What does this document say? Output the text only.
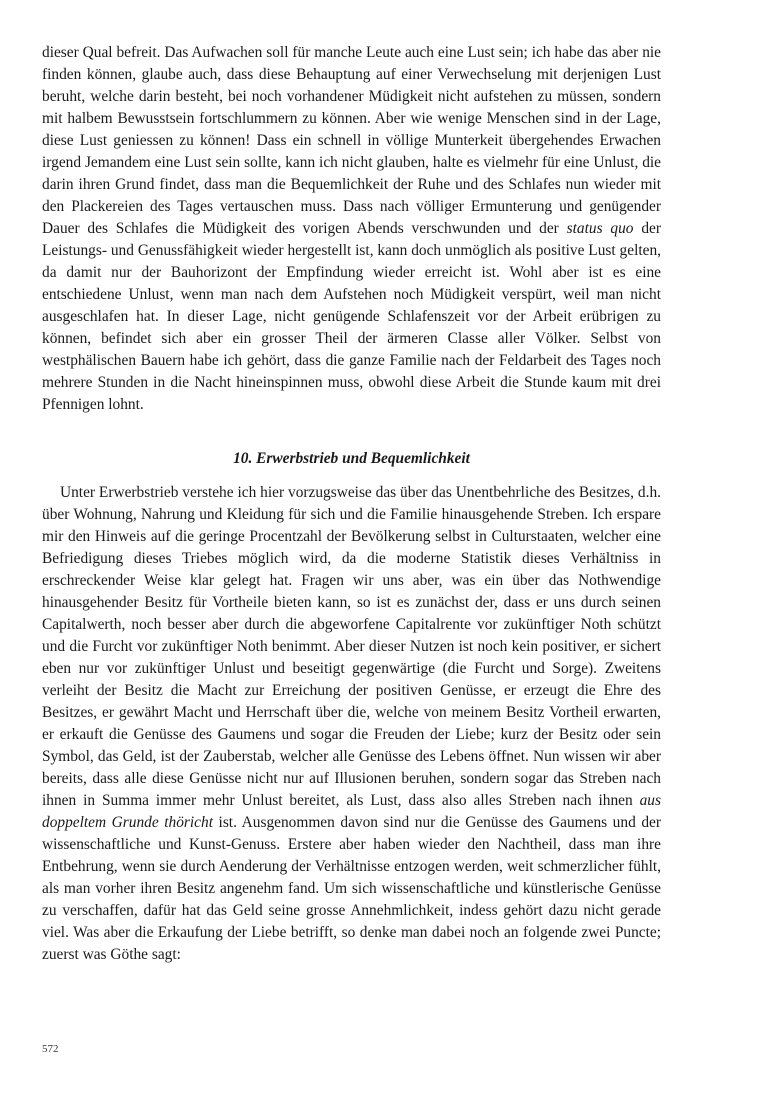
dieser Qual befreit. Das Aufwachen soll für manche Leute auch eine Lust sein; ich habe das aber nie finden können, glaube auch, dass diese Behauptung auf einer Verwechselung mit derjenigen Lust beruht, welche darin besteht, bei noch vorhandener Müdigkeit nicht aufstehen zu müssen, sondern mit halbem Bewusstsein fortschlummern zu können. Aber wie wenige Menschen sind in der Lage, diese Lust geniessen zu können! Dass ein schnell in völlige Munterkeit übergehendes Erwachen irgend Jemandem eine Lust sein sollte, kann ich nicht glauben, halte es vielmehr für eine Unlust, die darin ihren Grund findet, dass man die Bequemlichkeit der Ruhe und des Schlafes nun wieder mit den Plackereien des Tages vertauschen muss. Dass nach völliger Ermunterung und genügender Dauer des Schlafes die Müdigkeit des vorigen Abends verschwunden und der status quo der Leistungs- und Genussfähigkeit wieder hergestellt ist, kann doch unmöglich als positive Lust gelten, da damit nur der Bauhorizont der Empfindung wieder erreicht ist. Wohl aber ist es eine entschiedene Unlust, wenn man nach dem Aufstehen noch Müdigkeit verspürt, weil man nicht ausgeschlafen hat. In dieser Lage, nicht genügende Schlafenszeit vor der Arbeit erübrigen zu können, befindet sich aber ein grosser Theil der ärmeren Classe aller Völker. Selbst von westphälischen Bauern habe ich gehört, dass die ganze Familie nach der Feldarbeit des Tages noch mehrere Stunden in die Nacht hineinspinnen muss, obwohl diese Arbeit die Stunde kaum mit drei Pfennigen lohnt.

10. Erwerbstrieb und Bequemlichkeit

Unter Erwerbstrieb verstehe ich hier vorzugsweise das über das Unentbehrliche des Besitzes, d.h. über Wohnung, Nahrung und Kleidung für sich und die Familie hinausgehende Streben. Ich erspare mir den Hinweis auf die geringe Procentzahl der Bevölkerung selbst in Culturstaaten, welcher eine Befriedigung dieses Triebes möglich wird, da die moderne Statistik dieses Verhältniss in erschreckender Weise klar gelegt hat. Fragen wir uns aber, was ein über das Nothwendige hinausgehender Besitz für Vortheile bieten kann, so ist es zunächst der, dass er uns durch seinen Capitalwerth, noch besser aber durch die abgeworfene Capitalrente vor zukünftiger Noth schützt und die Furcht vor zukünftiger Noth benimmt. Aber dieser Nutzen ist noch kein positiver, er sichert eben nur vor zukünftiger Unlust und beseitigt gegenwärtige (die Furcht und Sorge). Zweitens verleiht der Besitz die Macht zur Erreichung der positiven Genüsse, er erzeugt die Ehre des Besitzes, er gewährt Macht und Herrschaft über die, welche von meinem Besitz Vortheil erwarten, er erkauft die Genüsse des Gaumens und sogar die Freuden der Liebe; kurz der Besitz oder sein Symbol, das Geld, ist der Zauberstab, welcher alle Genüsse des Lebens öffnet. Nun wissen wir aber bereits, dass alle diese Genüsse nicht nur auf Illusionen beruhen, sondern sogar das Streben nach ihnen in Summa immer mehr Unlust bereitet, als Lust, dass also alles Streben nach ihnen aus doppeltem Grunde thöricht ist. Ausgenommen davon sind nur die Genüsse des Gaumens und der wissenschaftliche und Kunst-Genuss. Erstere aber haben wieder den Nachtheil, dass man ihre Entbehrung, wenn sie durch Aenderung der Verhältnisse entzogen werden, weit schmerzlicher fühlt, als man vorher ihren Besitz angenehm fand. Um sich wissenschaftliche und künstlerische Genüsse zu verschaffen, dafür hat das Geld seine grosse Annehmlichkeit, indess gehört dazu nicht gerade viel. Was aber die Erkaufung der Liebe betrifft, so denke man dabei noch an folgende zwei Puncte; zuerst was Göthe sagt:

572
